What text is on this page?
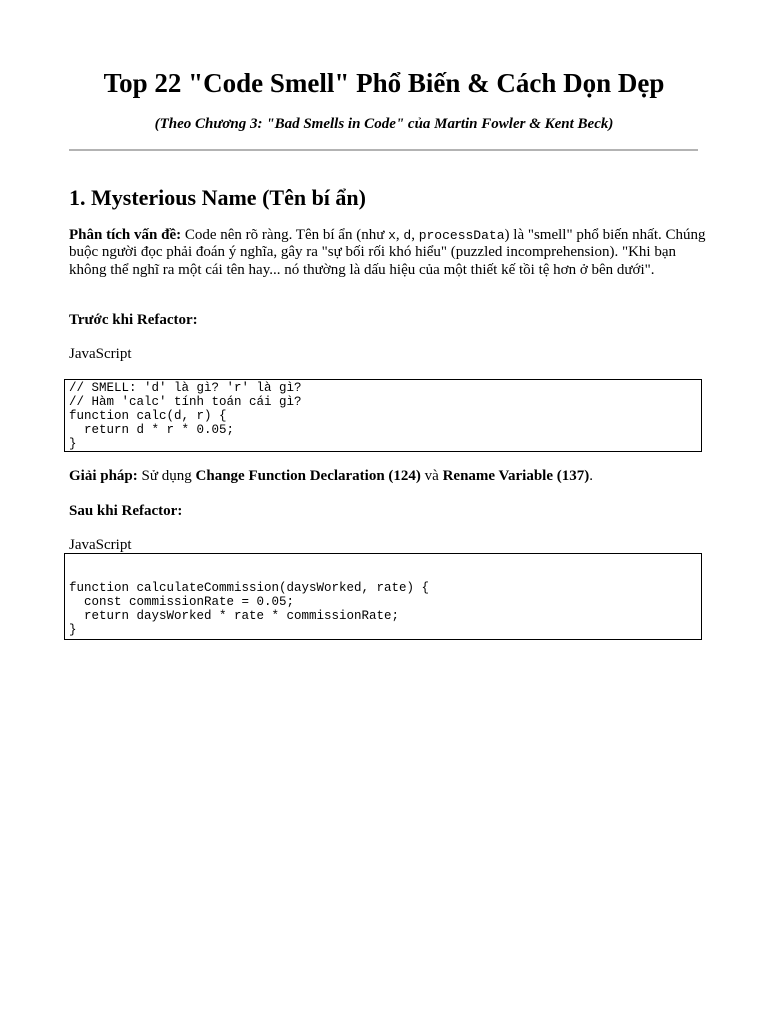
Top 22 "Code Smell" Phổ Biến & Cách Dọn Dẹp

(Theo Chương 3: "Bad Smells in Code" của Martin Fowler & Kent Beck)

1. Mysterious Name (Tên bí ẩn)

Phân tích vấn đề: Code nên rõ ràng. Tên bí ẩn (như x, d, processData) là "smell" phổ biến nhất. Chúng buộc người đọc phải đoán ý nghĩa, gây ra "sự bối rối khó hiểu" (puzzled incomprehension). "Khi bạn không thể nghĩ ra một cái tên hay... nó thường là dấu hiệu của một thiết kế tồi tệ hơn ở bên dưới".

Trước khi Refactor:

JavaScript

// SMELL: 'd' là gì? 'r' là gì?
// Hàm 'calc' tính toán cái gì?
function calc(d, r) {
return d * r * 0.05;
}

Giải pháp: Sử dụng Change Function Declaration (124) và Rename Variable (137).

Sau khi Refactor:

JavaScript

function calculateCommission(daysWorked, rate) {
const commissionRate = 0.05;
return daysWorked * rate * commissionRate;
}
